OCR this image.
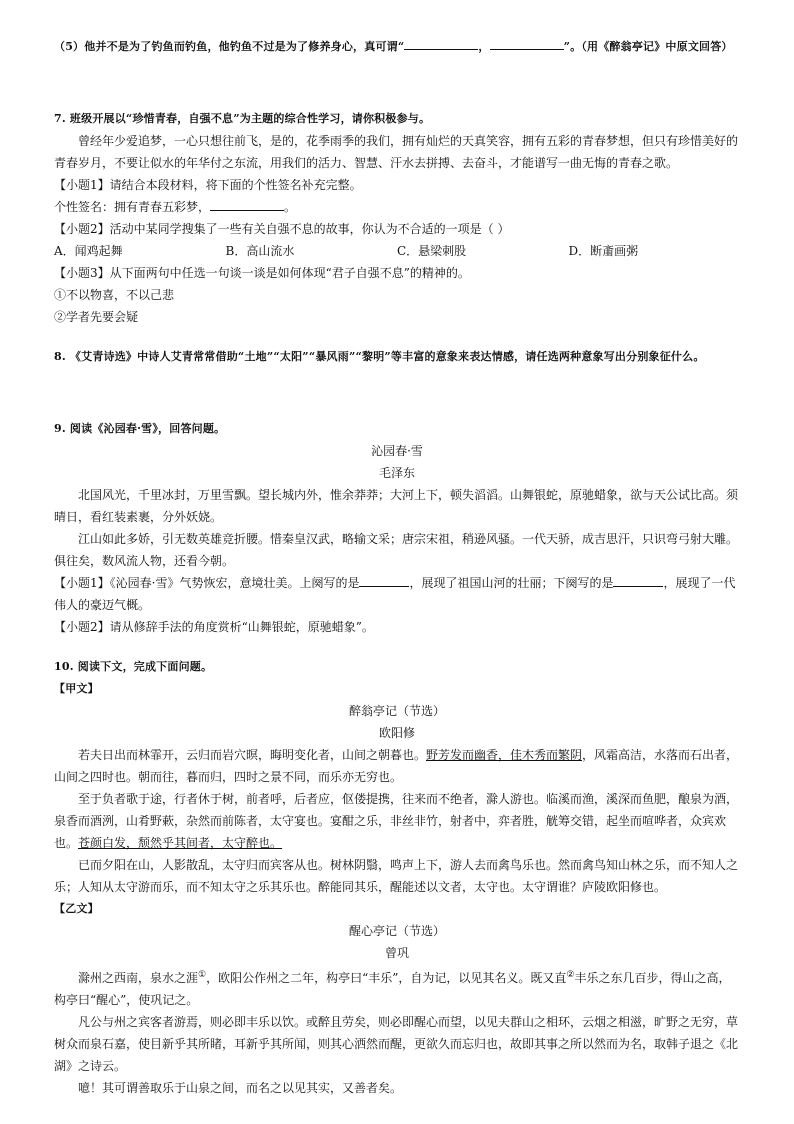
（5）他并不是为了钓鱼而钓鱼，他钓鱼不过是为了修养身心，真可谓“	，	”。（用《醉翁亭记》中原文回答）

7. 班级开展以“珍惜青春，自强不息”为主题的综合性学习，请你积极参与。

曾经年少爱追梦，一心只想往前飞，是的，花季雨季的我们，拥有灿烂的天真笑容，拥有五彩的青春梦想，但只有珍惜美好的青春岁月，不要让似水的年华付之东流，用我们的活力、智慧、汗水去拼搏、去奋斗，才能谱写一曲无悔的青春之歌。

【小题1】请结合本段材料，将下面的个性签名补充完整。

个性签名：拥有青春五彩梦，	。

【小题2】活动中某同学搜集了一些有关自强不息的故事，你认为不合适的一项是（ ）

A．闻鸡起舞	B．高山流水	C．悬梁刺股	D．断齑画粥

【小题3】从下面两句中任选一句谈一谈是如何体现“君子自强不息”的精神的。

①不以物喜，不以己悲

②学者先要会疑

8. 《艾青诗选》中诗人艾青常常借助“土地”“太阳”“暴风雨”“黎明”等丰富的意象来表达情感，请任选两种意象写出分别象征什么。

9. 阅读《沁园春·雪》，回答问题。

沁园春·雪

毛泽东

北国风光，千里冰封，万里雪飘。望长城内外，惟余莽莽；大河上下，顿失滔滔。山舞银蛇，原驰蜡象，欲与天公试比高。须晴日，看红装素裹，分外妖娆。

江山如此多娇，引无数英雄竞折腰。惜秦皇汉武，略输文采；唐宗宋祖，稍逊风骚。一代天骄，成吉思汗，只识弯弓射大雕。俱往矣，数风流人物，还看今朝。

【小题1】《沁园春·雪》气势恢宏，意境壮美。上阕写的是	，展现了祖国山河的壮丽；下阕写的是	，展现了一代伟人的豪迈气概。

【小题2】请从修辞手法的角度赏析“山舞银蛇，原驰蜡象”。

10. 阅读下文，完成下面问题。

【甲文】

醉翁亭记（节选）

欧阳修

若夫日出而林霏开，云归而岩穴暝，晦明变化者，山间之朝暮也。野芳发而幽香，佳木秀而繁阴，风霜高洁，水落而石出者，山间之四时也。朝而往，暮而归，四时之景不同，而乐亦无穷也。

至于负者歌于途，行者休于树，前者呼，后者应，伛偻提携，往来而不绝者，滁人游也。临溪而渔，溪深而鱼肥，酿泉为酒，泉香而酒洌，山肴野蔌，杂然而前陈者，太守宴也。宴酣之乐，非丝非竹，射者中，弈者胜，觥筹交错，起坐而喧哗者，众宾欢也。苍颜白发，颓然乎其间者，太守醉也。

已而夕阳在山，人影散乱，太守归而宾客从也。树林阴翳，鸣声上下，游人去而禽鸟乐也。然而禽鸟知山林之乐，而不知人之乐；人知从太守游而乐，而不知太守之乐其乐也。醉能同其乐，醒能述以文者，太守也。太守谓谁？庐陵欧阳修也。

【乙文】

醒心亭记（节选）

曾巩

滁州之西南，泉水之涯①，欧阳公作州之二年，构亭曰“丰乐”，自为记，以见其名义。既又直②丰乐之东几百步，得山之高，构亭曰“醒心”，使巩记之。

凡公与州之宾客者游焉，则必即丰乐以饮。或醉且劳矣，则必即醒心而望，以见夫群山之相环，云烟之相滋，旷野之无穷，草树众而泉石嘉，使目新乎其所睹，耳新乎其所闻，则其心洒然而醒，更欲久而忘归也，故即其事之所以然而为名，取韩子退之《北湖》之诗云。

噫！其可谓善取乐于山泉之间，而名之以见其实，又善者矣。
